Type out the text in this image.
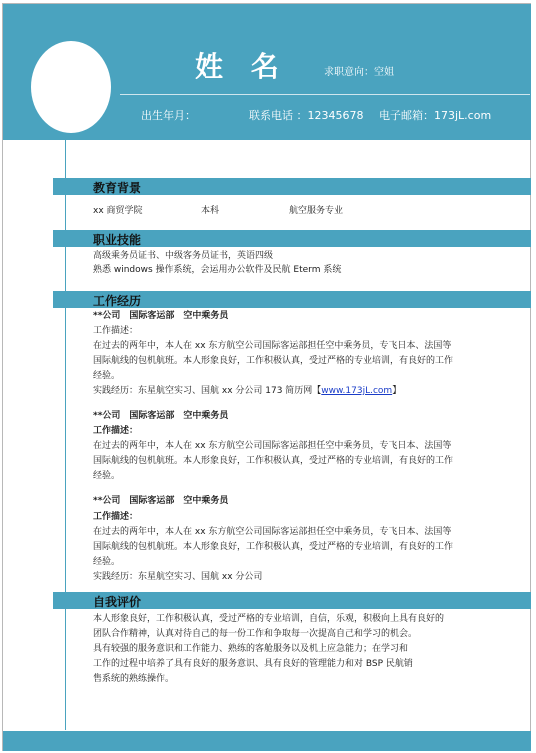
姓 名	求职意向：空姐
出生年月：	联系电话 ：12345678 电子邮箱：173jL.com
教育背景
xx 商贸学院	本科	航空服务专业
职业技能
高级乘务员证书、中级客务员证书，英语四级
熟悉 windows 操作系统，会运用办公软件及民航 Eterm 系统
工作经历
**公司　国际客运部　空中乘务员
工作描述：
在过去的两年中，本人在 xx 东方航空公司国际客运部担任空中乘务员，专飞日本、法国等
国际航线的包机航班。本人形象良好，工作积极认真，受过严格的专业培训，有良好的工作
经验。
实践经历：东星航空实习、国航 xx 分公司 173 简历网【www.173jL.com】
**公司　国际客运部　空中乘务员
工作描述：
在过去的两年中，本人在 xx 东方航空公司国际客运部担任空中乘务员，专飞日本、法国等
国际航线的包机航班。本人形象良好，工作积极认真，受过严格的专业培训，有良好的工作
经验。
**公司　国际客运部　空中乘务员
工作描述：
在过去的两年中，本人在 xx 东方航空公司国际客运部担任空中乘务员，专飞日本、法国等
国际航线的包机航班。本人形象良好，工作积极认真，受过严格的专业培训，有良好的工作
经验。
实践经历：东星航空实习、国航 xx 分公司
自我评价
本人形象良好，工作积极认真，受过严格的专业培训，自信，乐观，积极向上具有良好的
团队合作精神，认真对待自己的每一份工作和争取每一次提高自己和学习的机会。
具有较强的服务意识和工作能力、熟练的客舱服务以及机上应急能力；在学习和
工作的过程中培养了具有良好的服务意识、具有良好的管理能力和对 BSP 民航销
售系统的熟练操作。
